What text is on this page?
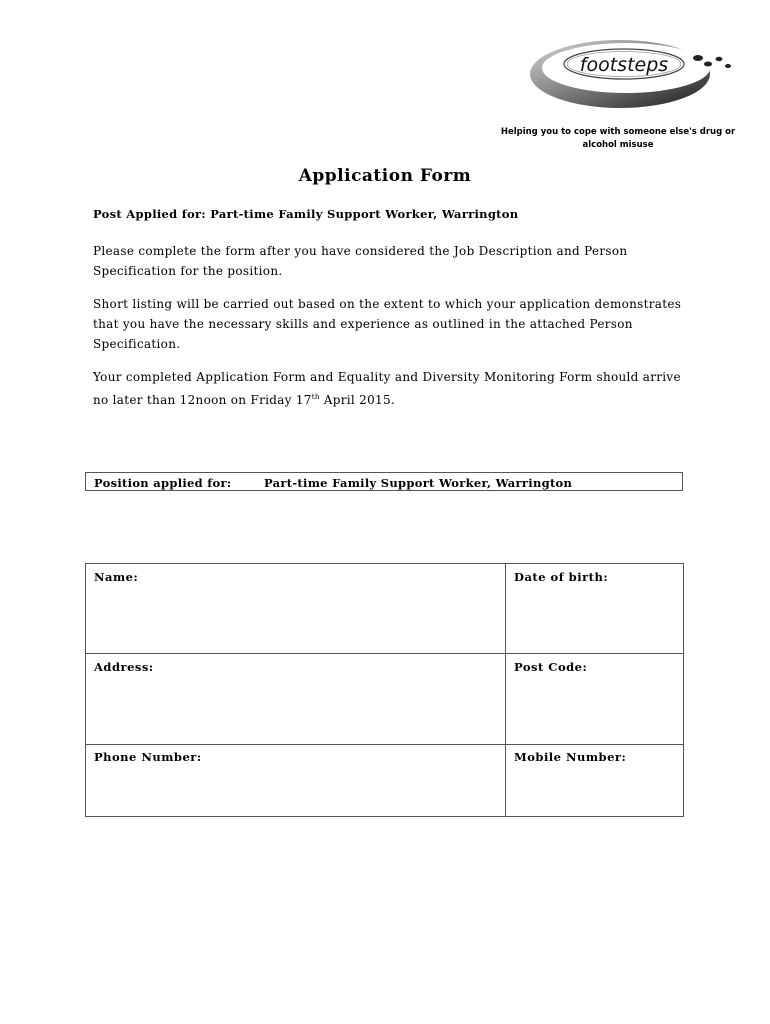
footsteps
Helping you to cope with someone else's drug or
alcohol misuse
Application Form
Post Applied for: Part-time Family Support Worker, Warrington
Please complete the form after you have considered the Job Description and Person Specification for the position.
Short listing will be carried out based on the extent to which your application demonstrates that you have the necessary skills and experience as outlined in the attached Person Specification.
Your completed Application Form and Equality and Diversity Monitoring Form should arrive no later than 12noon on Friday 17th April 2015.
Position applied for:	Part-time Family Support Worker, Warrington
Name:	Date of birth:
Address:	Post Code:
Phone Number:	Mobile Number:
